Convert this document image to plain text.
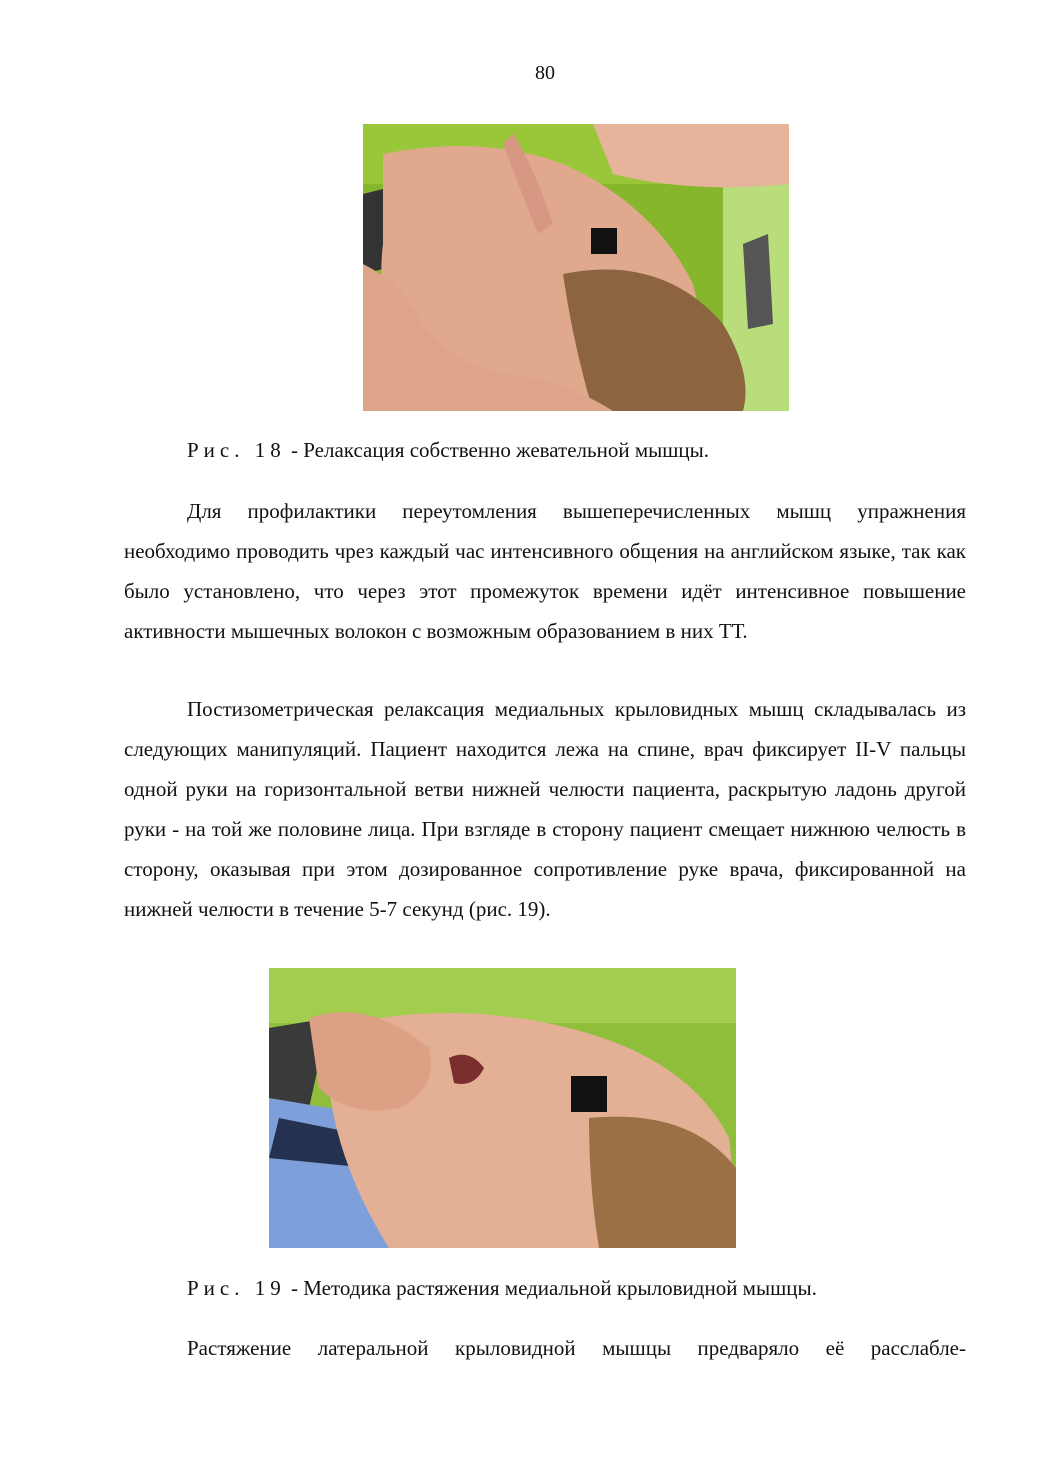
80
Рис. 18 - Релаксация собственно жевательной мышцы.

Для профилактики переутомления вышеперечисленных мышц упражнения необходимо проводить чрез каждый час интенсивного общения на английском языке, так как было установлено, что через этот промежуток времени идёт интенсивное повышение активности мышечных волокон с возможным образованием в них ТТ.

Постизометрическая релаксация медиальных крыловидных мышц складывалась из следующих манипуляций. Пациент находится лежа на спине, врач фиксирует II-V пальцы одной руки на горизонтальной ветви нижней челюсти пациента, раскрытую ладонь другой руки - на той же половине лица. При взгляде в сторону пациент смещает нижнюю челюсть в сторону, оказывая при этом дозированное сопротивление руке врача, фиксированной на нижней челюсти в течение 5-7 секунд (рис. 19).

Рис. 19 - Методика растяжения медиальной крыловидной мышцы.

Растяжение латеральной крыловидной мышцы предваряло её расслабле-
